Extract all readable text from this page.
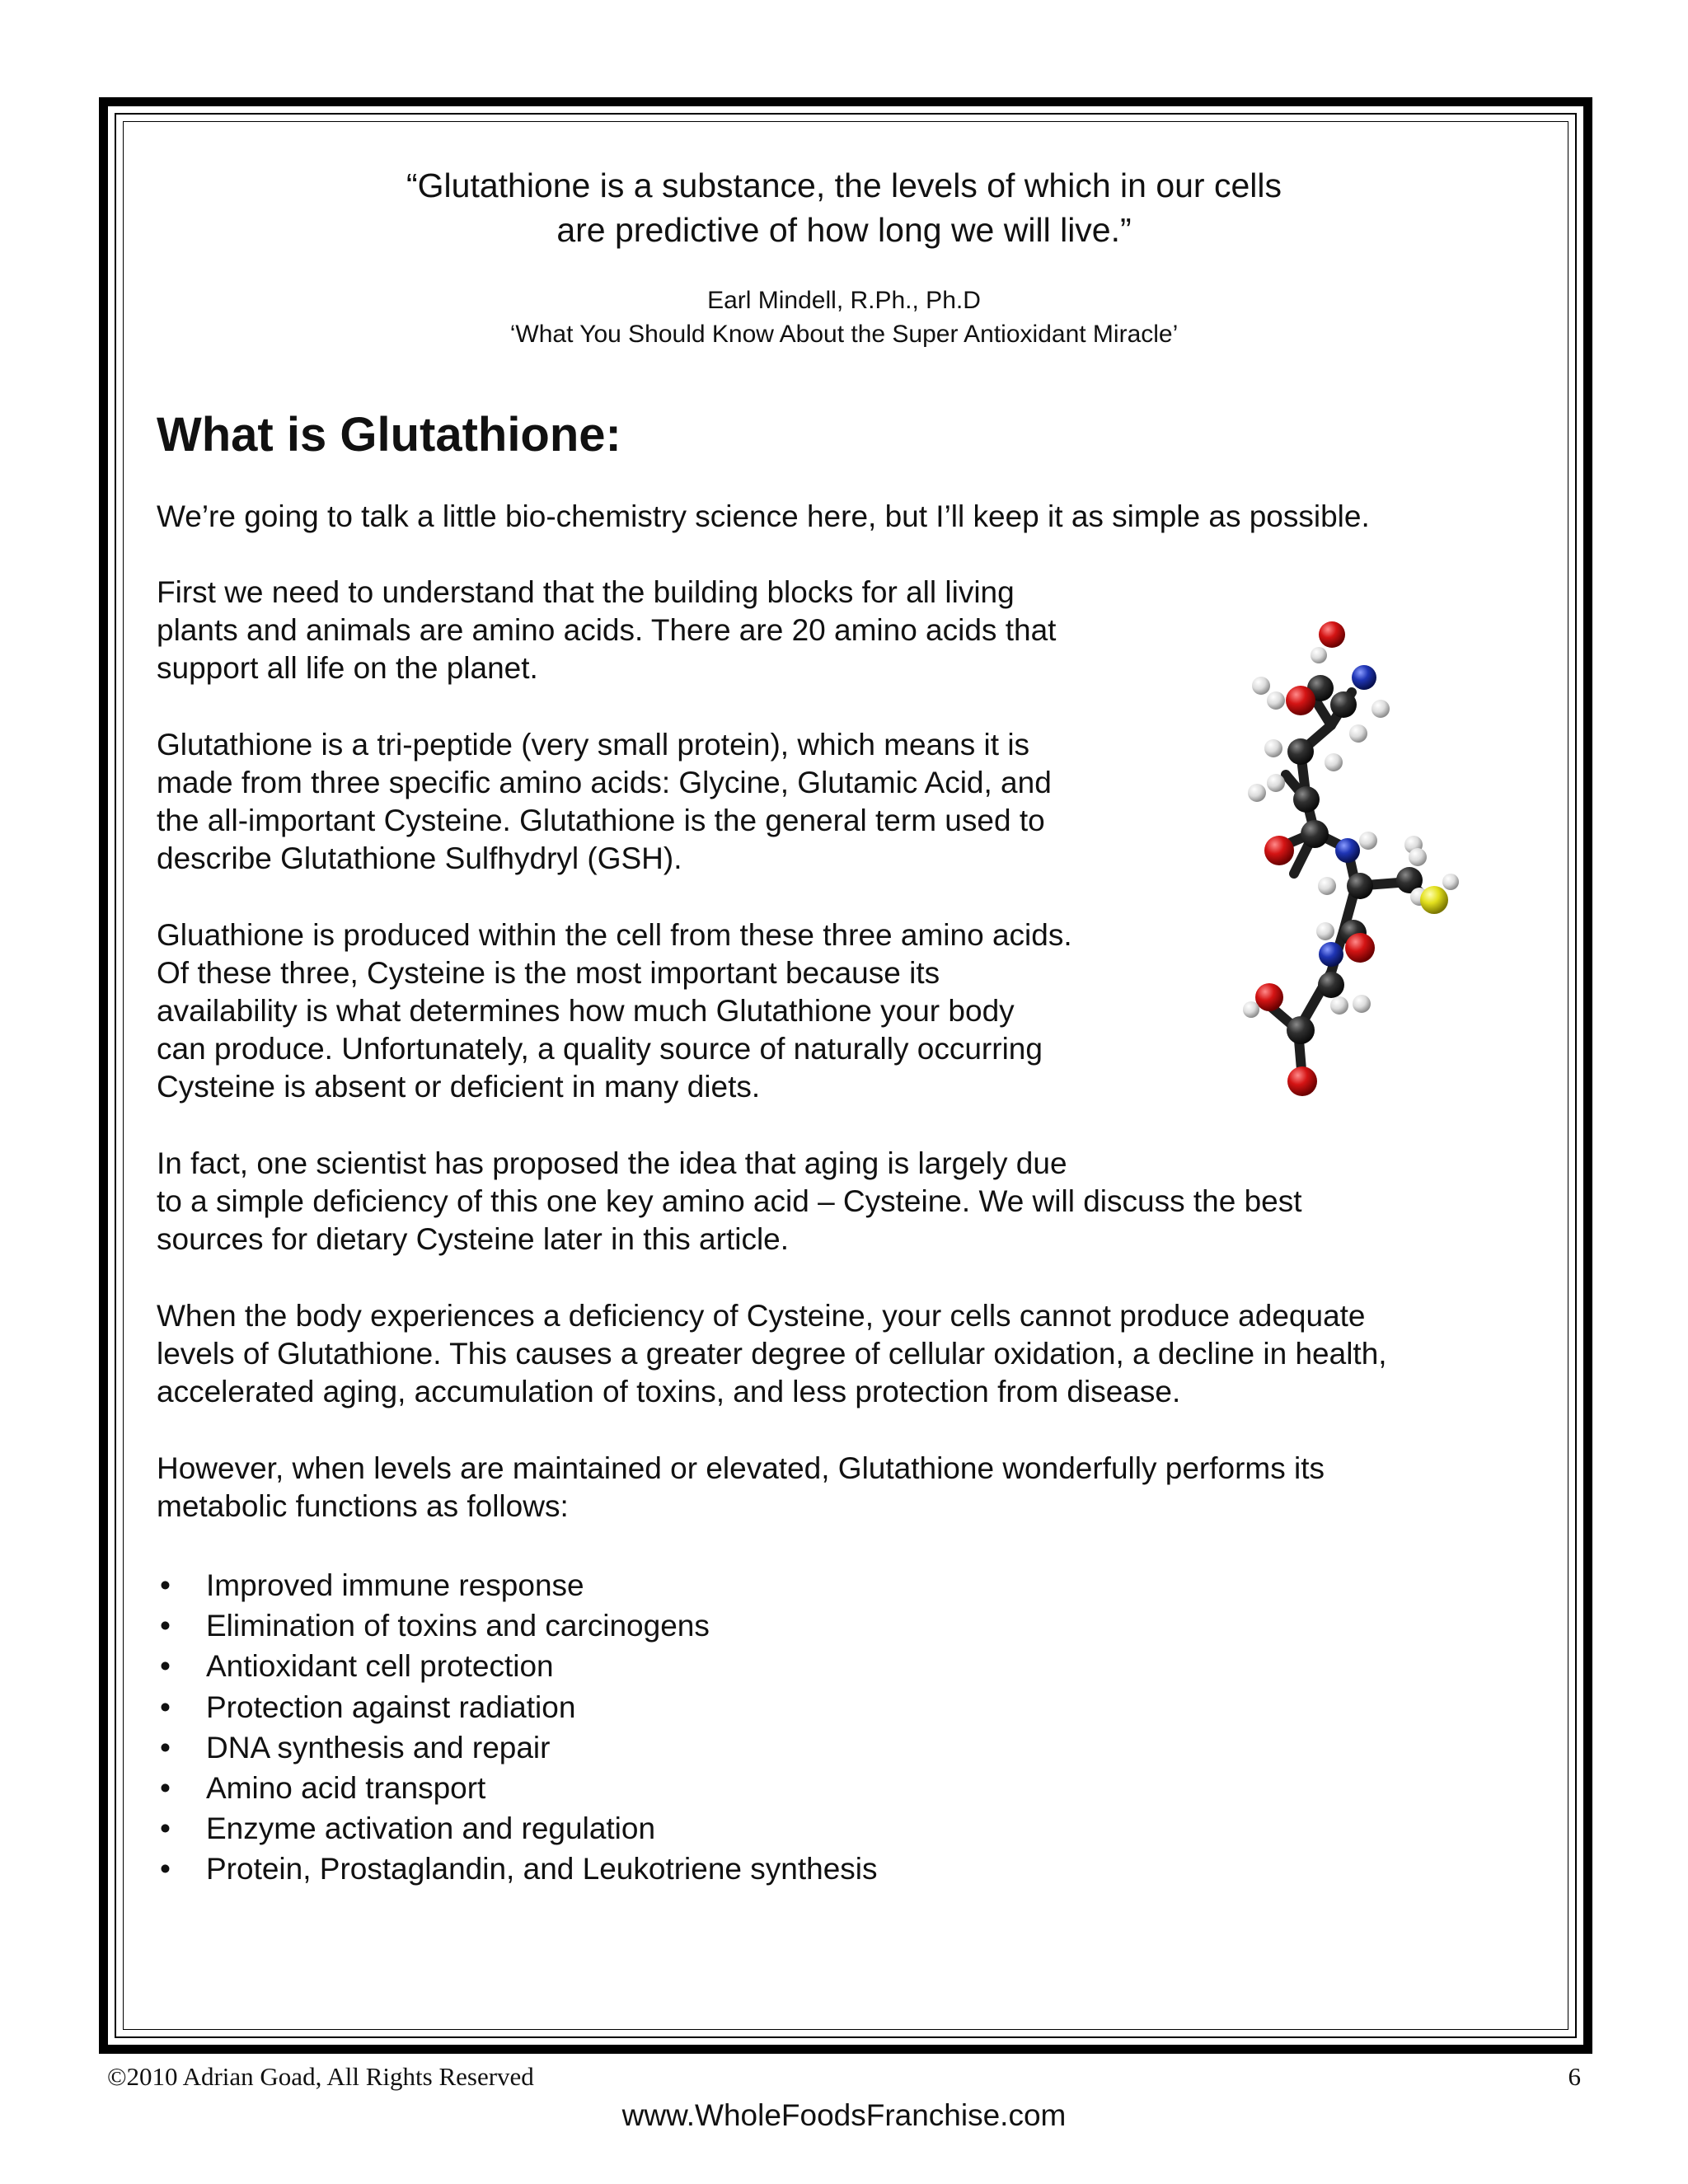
“Glutathione is a substance, the levels of which in our cells
are predictive of how long we will live.”
Earl Mindell, R.Ph., Ph.D
‘What You Should Know About the Super Antioxidant Miracle’
What is Glutathione:

We’re going to talk a little bio-chemistry science here, but I’ll keep it as simple as possible.

First we need to understand that the building blocks for all living
plants and animals are amino acids. There are 20 amino acids that
support all life on the planet.

Glutathione is a tri-peptide (very small protein), which means it is
made from three specific amino acids: Glycine, Glutamic Acid, and
the all-important Cysteine. Glutathione is the general term used to
describe Glutathione Sulfhydryl (GSH).

Gluathione is produced within the cell from these three amino acids.
Of these three, Cysteine is the most important because its
availability is what determines how much Glutathione your body
can produce. Unfortunately, a quality source of naturally occurring
Cysteine is absent or deficient in many diets.

In fact, one scientist has proposed the idea that aging is largely due
to a simple deficiency of this one key amino acid – Cysteine. We will discuss the best
sources for dietary Cysteine later in this article.

When the body experiences a deficiency of Cysteine, your cells cannot produce adequate
levels of Glutathione. This causes a greater degree of cellular oxidation, a decline in health,
accelerated aging, accumulation of toxins, and less protection from disease.

However, when levels are maintained or elevated, Glutathione wonderfully performs its
metabolic functions as follows:

• Improved immune response
• Elimination of toxins and carcinogens
• Antioxidant cell protection
• Protection against radiation
• DNA synthesis and repair
• Amino acid transport
• Enzyme activation and regulation
• Protein, Prostaglandin, and Leukotriene synthesis
©2010 Adrian Goad, All Rights Reserved	6
www.WholeFoodsFranchise.com
